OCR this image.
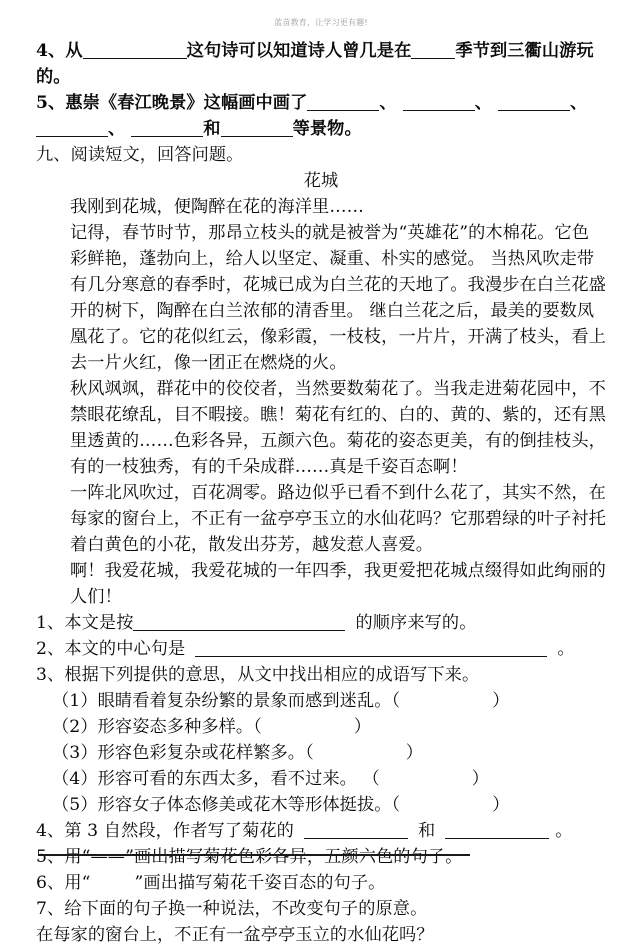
蓝苗教育，让学习更有趣!
4、从	这句诗可以知道诗人曾几是在	季节到三衢山游玩
的。
5、惠崇《春江晚景》这幅画中画了	、	、	、
、	和	等景物。
九、阅读短文，回答问题。
花城
我刚到花城，便陶醉在花的海洋里……
记得，春节时节，那昂立枝头的就是被誉为“英雄花”的木棉花。它色彩鲜艳，蓬勃向上，给人以坚定、凝重、朴实的感觉。 当热风吹走带有几分寒意的春季时，花城已成为白兰花的天地了。我漫步在白兰花盛开的树下，陶醉在白兰浓郁的清香里。 继白兰花之后，最美的要数凤凰花了。它的花似红云，像彩霞，一枝枝，一片片，开满了枝头，看上去一片火红，像一团正在燃烧的火。
秋风飒飒，群花中的佼佼者，当然要数菊花了。当我走进菊花园中，不禁眼花缭乱，目不暇接。瞧！菊花有红的、白的、黄的、紫的，还有黑里透黄的……色彩各异，五颜六色。菊花的姿态更美，有的倒挂枝头，有的一枝独秀，有的千朵成群……真是千姿百态啊！
一阵北风吹过，百花凋零。路边似乎已看不到什么花了，其实不然，在每家的窗台上，不正有一盆亭亭玉立的水仙花吗？它那碧绿的叶子衬托着白黄色的小花，散发出芬芳，越发惹人喜爱。
啊！我爱花城，我爱花城的一年四季，我更爱把花城点缀得如此绚丽的人们！
1、本文是按	的顺序来写的。
2、本文的中心句是	。
3、根据下列提供的意思，从文中找出相应的成语写下来。
（1）眼睛看着复杂纷繁的景象而感到迷乱。（	）
（2）形容姿态多种多样。（	）
（3）形容色彩复杂或花样繁多。（	）
（4）形容可看的东西太多，看不过来。 （	）
（5）形容女子体态修美或花木等形体挺拔。（	）
4、第 3 自然段，作者写了菊花的	和	。
5、用“——”画出描写菊花色彩各异，五颜六色的句子。
6、用“	”画出描写菊花千姿百态的句子。
7、给下面的句子换一种说法，不改变句子的原意。
在每家的窗台上，不正有一盆亭亭玉立的水仙花吗？
